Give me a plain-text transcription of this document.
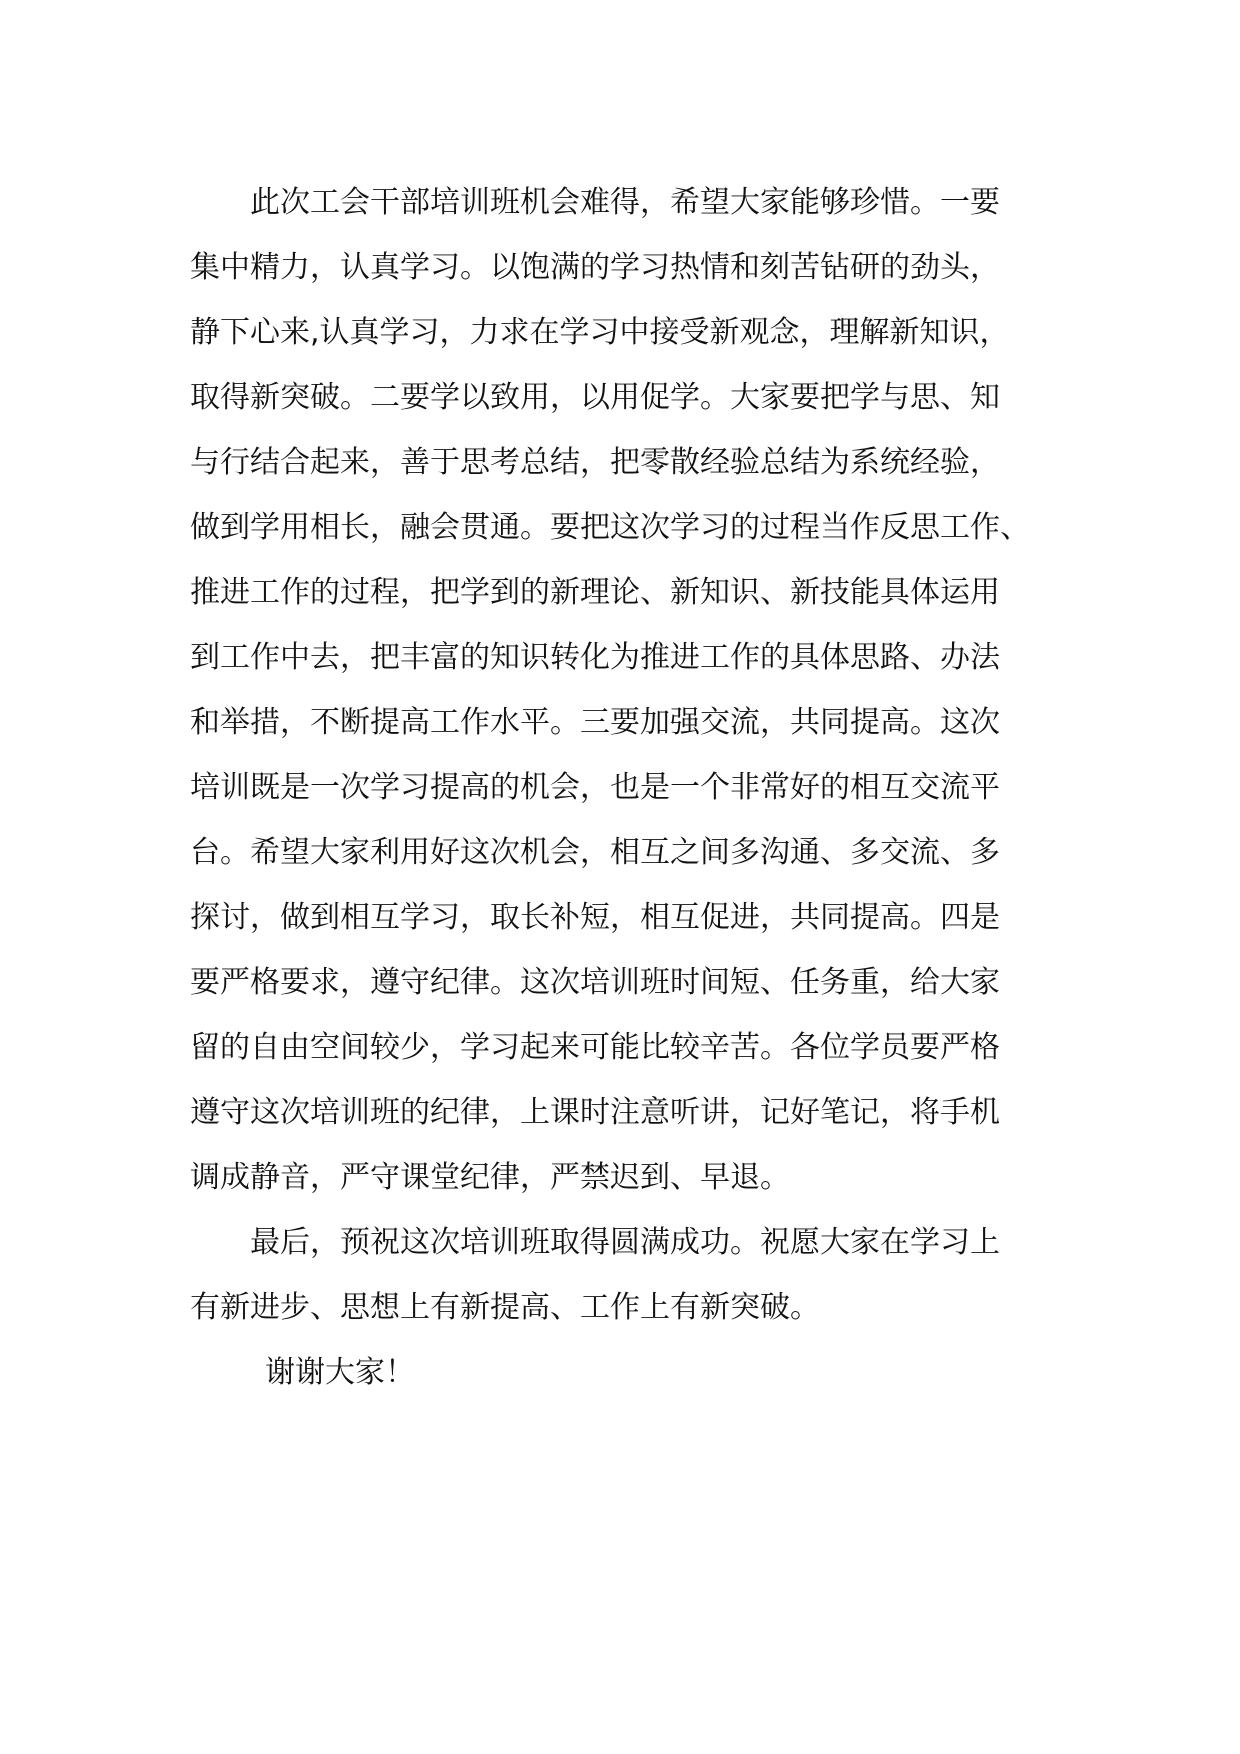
此次工会干部培训班机会难得，希望大家能够珍惜。一要
集中精力，认真学习。以饱满的学习热情和刻苦钻研的劲头，
静下心来,认真学习，力求在学习中接受新观念，理解新知识，
取得新突破。二要学以致用，以用促学。大家要把学与思、知
与行结合起来，善于思考总结，把零散经验总结为系统经验，
做到学用相长，融会贯通。要把这次学习的过程当作反思工作、
推进工作的过程，把学到的新理论、新知识、新技能具体运用
到工作中去，把丰富的知识转化为推进工作的具体思路、办法
和举措，不断提高工作水平。三要加强交流，共同提高。这次
培训既是一次学习提高的机会，也是一个非常好的相互交流平
台。希望大家利用好这次机会，相互之间多沟通、多交流、多
探讨，做到相互学习，取长补短，相互促进，共同提高。四是
要严格要求，遵守纪律。这次培训班时间短、任务重，给大家
留的自由空间较少，学习起来可能比较辛苦。各位学员要严格
遵守这次培训班的纪律，上课时注意听讲，记好笔记，将手机
调成静音，严守课堂纪律，严禁迟到、早退。
最后，预祝这次培训班取得圆满成功。祝愿大家在学习上
有新进步、思想上有新提高、工作上有新突破。
谢谢大家！
